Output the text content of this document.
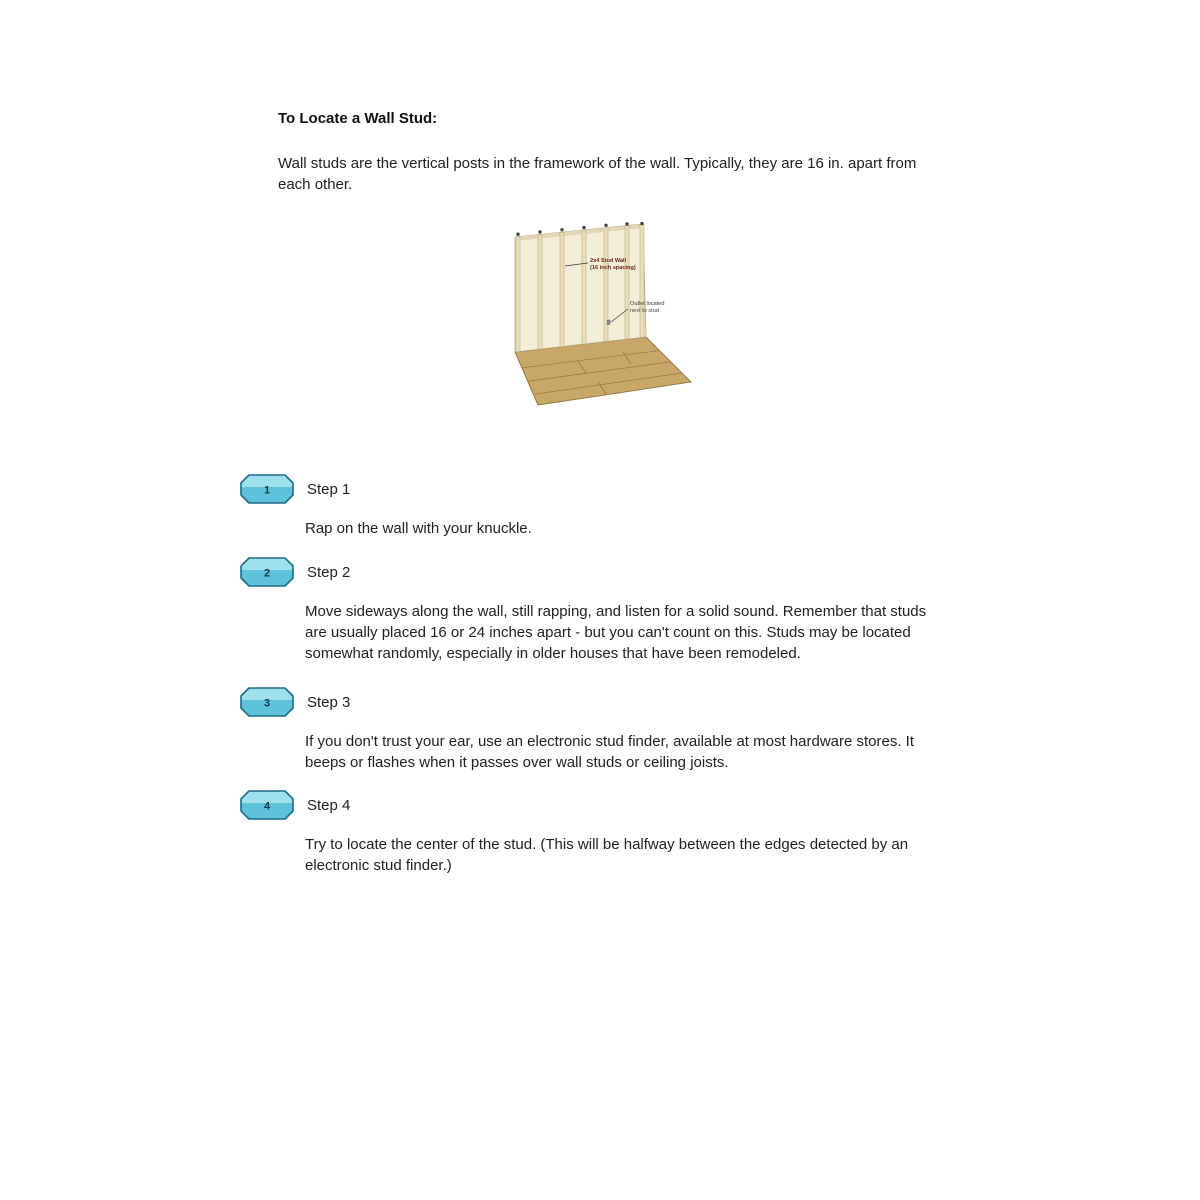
To Locate a Wall Stud:

Wall studs are the vertical posts in the framework of the wall. Typically, they are 16 in. apart from each other.

2x4 Stud Wall
(16 inch spacing)
Outlet located
next to stud
1 Step 1

Rap on the wall with your knuckle.

2 Step 2

Move sideways along the wall, still rapping, and listen for a solid sound. Remember that studs are usually placed 16 or 24 inches apart - but you can't count on this. Studs may be located somewhat randomly, especially in older houses that have been remodeled.

3 Step 3

If you don't trust your ear, use an electronic stud finder, available at most hardware stores. It beeps or flashes when it passes over wall studs or ceiling joists.

4 Step 4

Try to locate the center of the stud. (This will be halfway between the edges detected by an electronic stud finder.)
